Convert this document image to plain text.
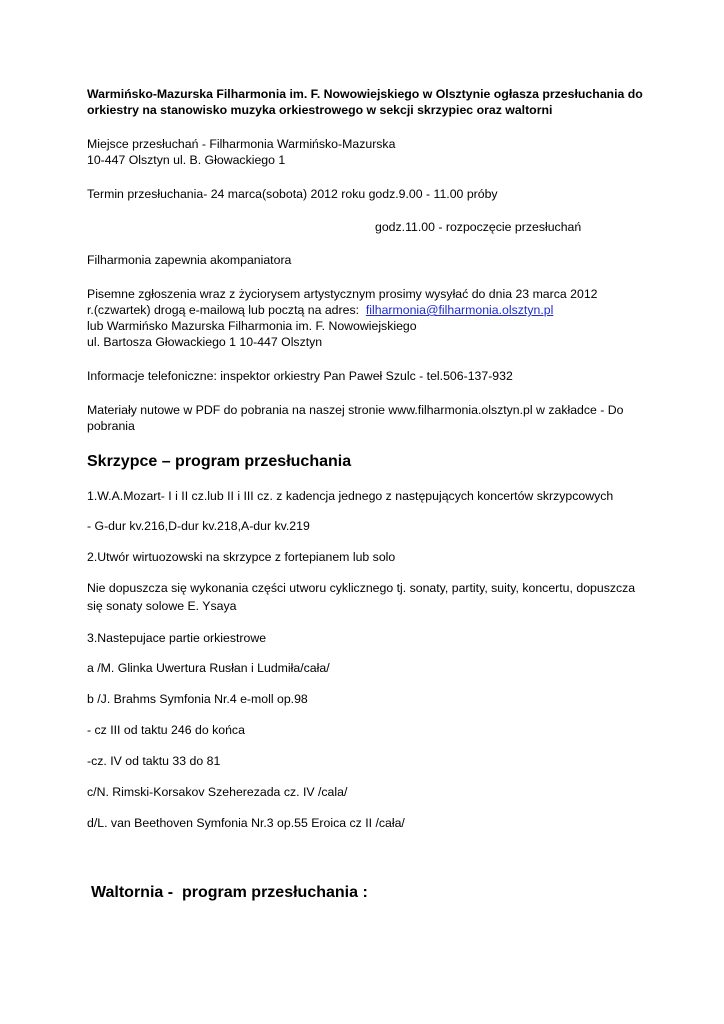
Warmińsko-Mazurska Filharmonia im. F. Nowowiejskiego w Olsztynie ogłasza przesłuchania do
orkiestry na stanowisko muzyka orkiestrowego w sekcji skrzypiec oraz waltorni
Miejsce przesłuchań - Filharmonia Warmińsko-Mazurska
10-447 Olsztyn ul. B. Głowackiego 1
Termin przesłuchania- 24 marca(sobota) 2012 roku godz.9.00 - 11.00 próby
godz.11.00 - rozpoczęcie przesłuchań
Filharmonia zapewnia akompaniatora
Pisemne zgłoszenia wraz z życiorysem artystycznym prosimy wysyłać do dnia 23 marca 2012
r.(czwartek) drogą e-mailową lub pocztą na adres:  filharmonia@filharmonia.olsztyn.pl
lub Warmińsko Mazurska Filharmonia im. F. Nowowiejskiego
ul. Bartosza Głowackiego 1 10-447 Olsztyn
Informacje telefoniczne: inspektor orkiestry Pan Paweł Szulc - tel.506-137-932
Materiały nutowe w PDF do pobrania na naszej stronie www.filharmonia.olsztyn.pl w zakładce - Do
pobrania
Skrzypce – program przesłuchania
1.W.A.Mozart- I i II cz.lub II i III cz. z kadencja jednego z następujących koncertów skrzypcowych
- G-dur kv.216,D-dur kv.218,A-dur kv.219
2.Utwór wirtuozowski na skrzypce z fortepianem lub solo
Nie dopuszcza się wykonania części utworu cyklicznego tj. sonaty, partity, suity, koncertu, dopuszcza
się sonaty solowe E. Ysaya
3.Nastepujace partie orkiestrowe
a /M. Glinka Uwertura Rusłan i Ludmiła/cała/
b /J. Brahms Symfonia Nr.4 e-moll op.98
- cz III od taktu 246 do końca
-cz. IV od taktu 33 do 81
c/N. Rimski-Korsakov Szeherezada cz. IV /cala/
d/L. van Beethoven Symfonia Nr.3 op.55 Eroica cz II /cała/
Waltornia -  program przesłuchania :
